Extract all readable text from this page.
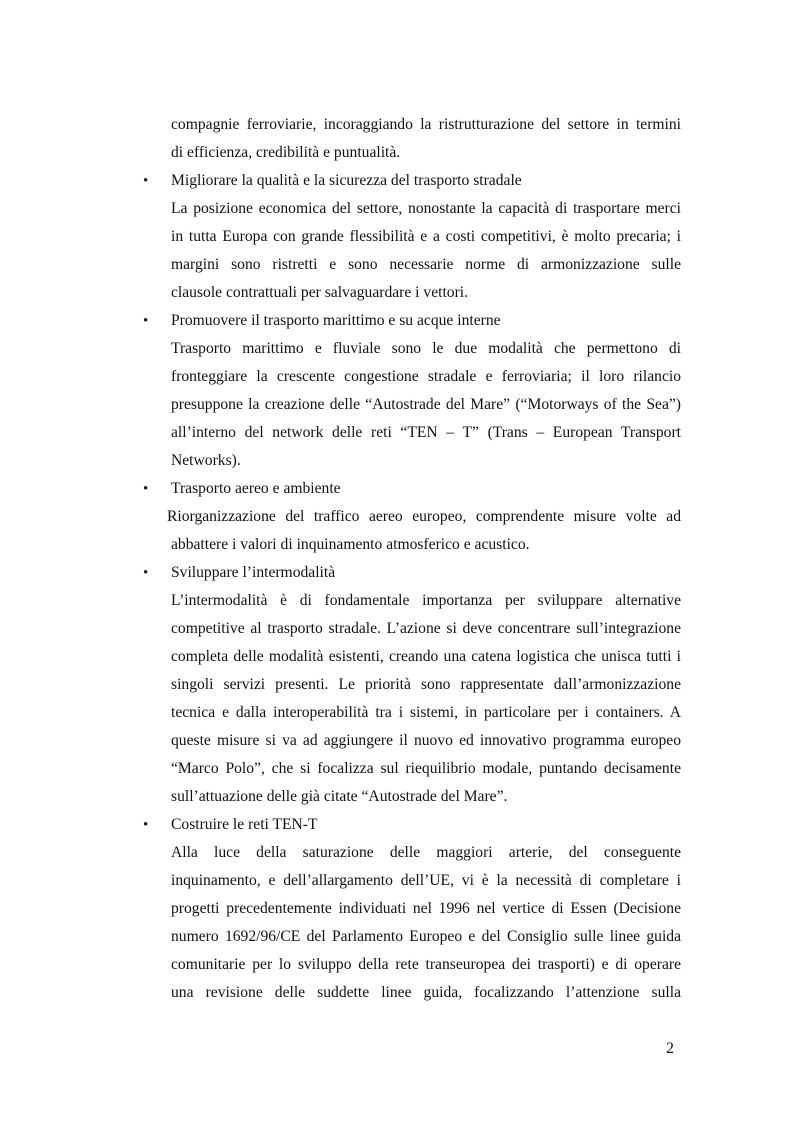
compagnie ferroviarie, incoraggiando la ristrutturazione del settore in termini
di efficienza, credibilità e puntualità.
• Migliorare la qualità e la sicurezza del trasporto stradale
La posizione economica del settore, nonostante la capacità di trasportare merci
in tutta Europa con grande flessibilità e a costi competitivi, è molto precaria; i
margini sono ristretti e sono necessarie norme di armonizzazione sulle
clausole contrattuali per salvaguardare i vettori.
• Promuovere il trasporto marittimo e su acque interne
Trasporto marittimo e fluviale sono le due modalità che permettono di
fronteggiare la crescente congestione stradale e ferroviaria; il loro rilancio
presuppone la creazione delle “Autostrade del Mare” (“Motorways of the Sea”)
all’interno del network delle reti “TEN – T” (Trans – European Transport
Networks).
• Trasporto aereo e ambiente
Riorganizzazione del traffico aereo europeo, comprendente misure volte ad
abbattere i valori di inquinamento atmosferico e acustico.
• Sviluppare l’intermodalità
L’intermodalità è di fondamentale importanza per sviluppare alternative
competitive al trasporto stradale. L’azione si deve concentrare sull’integrazione
completa delle modalità esistenti, creando una catena logistica che unisca tutti i
singoli servizi presenti. Le priorità sono rappresentate dall’armonizzazione
tecnica e dalla interoperabilità tra i sistemi, in particolare per i containers. A
queste misure si va ad aggiungere il nuovo ed innovativo programma europeo
“Marco Polo”, che si focalizza sul riequilibrio modale, puntando decisamente
sull’attuazione delle già citate “Autostrade del Mare”.
• Costruire le reti TEN-T
Alla luce della saturazione delle maggiori arterie, del conseguente
inquinamento, e dell’allargamento dell’UE, vi è la necessità di completare i
progetti precedentemente individuati nel 1996 nel vertice di Essen (Decisione
numero 1692/96/CE del Parlamento Europeo e del Consiglio sulle linee guida
comunitarie per lo sviluppo della rete transeuropea dei trasporti) e di operare
una revisione delle suddette linee guida, focalizzando l’attenzione sulla
2
